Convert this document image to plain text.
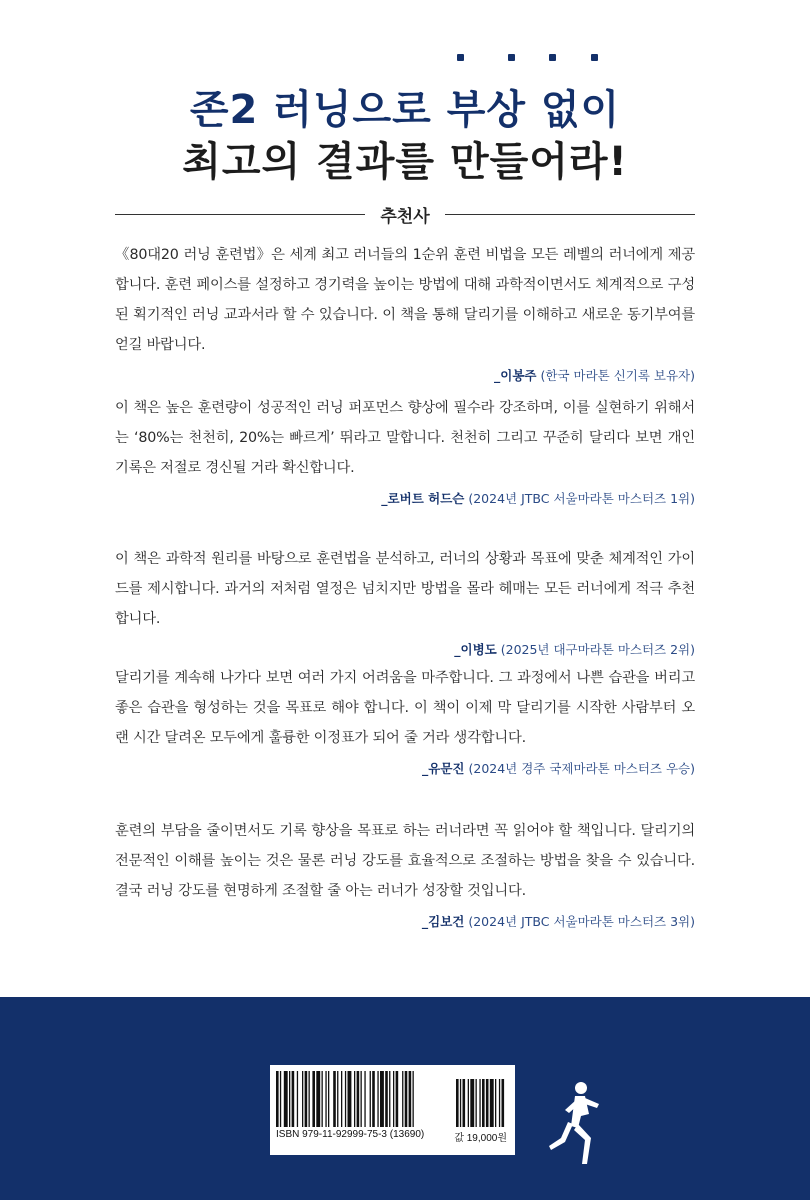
존2 러닝으로 부상 없이
최고의 결과를 만들어라!
추천사

《80대20 러닝 훈련법》은 세계 최고 러너들의 1순위 훈련 비법을 모든 레벨의 러너에게 제공합니다. 훈련 페이스를 설정하고 경기력을 높이는 방법에 대해 과학적이면서도 체계적으로 구성된 획기적인 러닝 교과서라 할 수 있습니다. 이 책을 통해 달리기를 이해하고 새로운 동기부여를 얻길 바랍니다.

_이봉주 (한국 마라톤 신기록 보유자)

이 책은 높은 훈련량이 성공적인 러닝 퍼포먼스 향상에 필수라 강조하며, 이를 실현하기 위해서는 ‘80%는 천천히, 20%는 빠르게’ 뛰라고 말합니다. 천천히 그리고 꾸준히 달리다 보면 개인 기록은 저절로 경신될 거라 확신합니다.

_로버트 허드슨 (2024년 JTBC 서울마라톤 마스터즈 1위)

이 책은 과학적 원리를 바탕으로 훈련법을 분석하고, 러너의 상황과 목표에 맞춘 체계적인 가이드를 제시합니다. 과거의 저처럼 열정은 넘치지만 방법을 몰라 헤매는 모든 러너에게 적극 추천합니다.

_이병도 (2025년 대구마라톤 마스터즈 2위)

달리기를 계속해 나가다 보면 여러 가지 어려움을 마주합니다. 그 과정에서 나쁜 습관을 버리고 좋은 습관을 형성하는 것을 목표로 해야 합니다. 이 책이 이제 막 달리기를 시작한 사람부터 오랜 시간 달려온 모두에게 훌륭한 이정표가 되어 줄 거라 생각합니다.

_유문진 (2024년 경주 국제마라톤 마스터즈 우승)

훈련의 부담을 줄이면서도 기록 향상을 목표로 하는 러너라면 꼭 읽어야 할 책입니다. 달리기의 전문적인 이해를 높이는 것은 물론 러닝 강도를 효율적으로 조절하는 방법을 찾을 수 있습니다. 결국 러닝 강도를 현명하게 조절할 줄 아는 러너가 성장할 것입니다.

_김보건 (2024년 JTBC 서울마라톤 마스터즈 3위)
ISBN 979-11-92999-75-3 (13690)	값 19,000원
